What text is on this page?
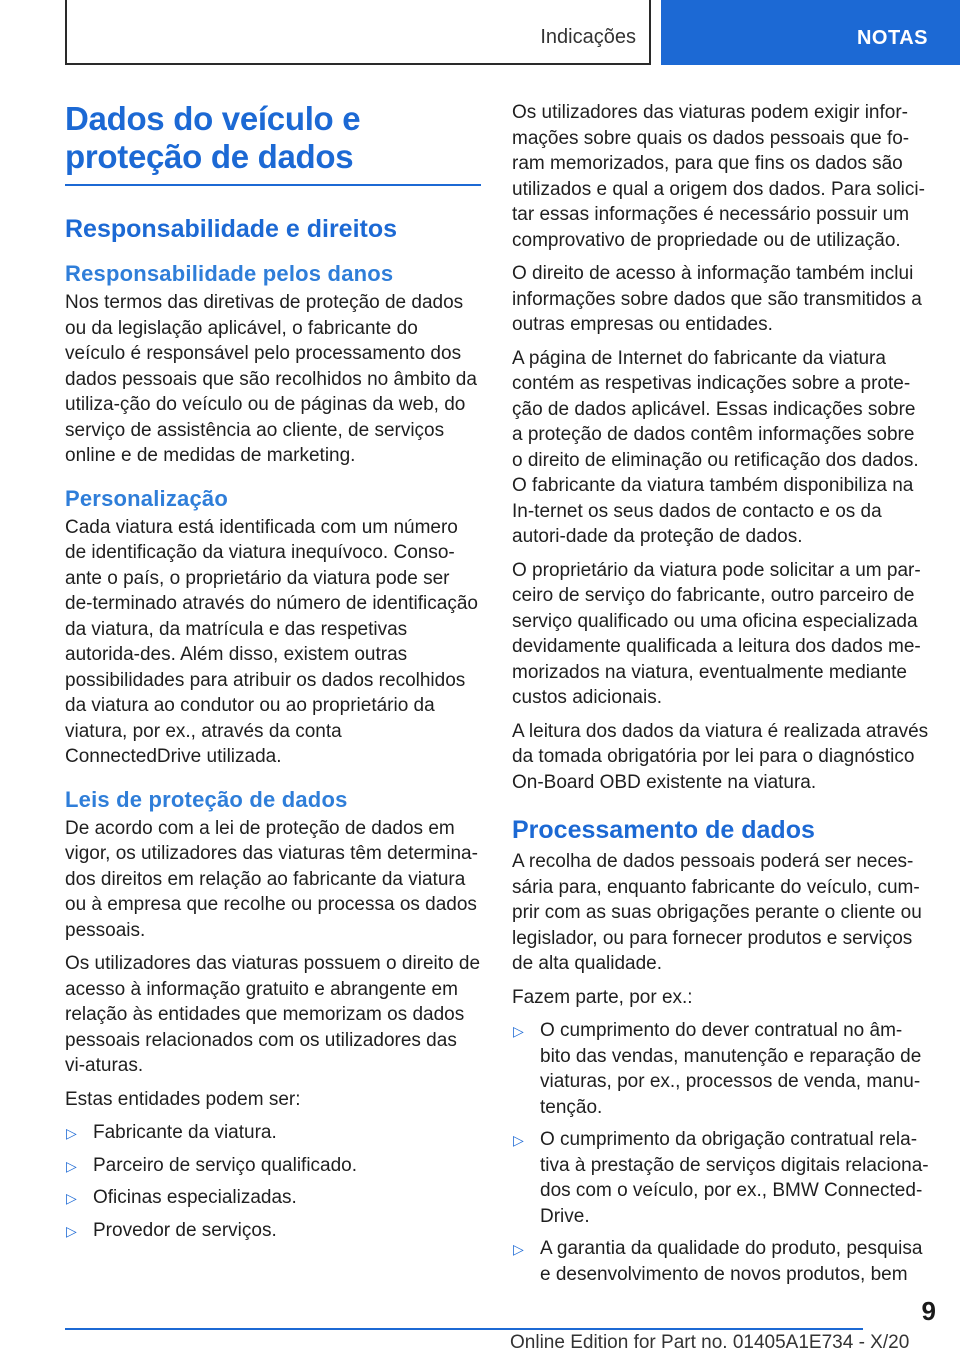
Indicações	NOTAS
Dados do veículo e proteção de dados
Responsabilidade e direitos
Responsabilidade pelos danos

Nos termos das diretivas de proteção de dados ou da legislação aplicável, o fabricante do veículo é responsável pelo processamento dos dados pessoais que são recolhidos no âmbito da utiliza-ção do veículo ou de páginas da web, do serviço de assistência ao cliente, de serviços online e de medidas de marketing.

Personalização

Cada viatura está identificada com um número de identificação da viatura inequívoco. Conso-ante o país, o proprietário da viatura pode ser de-terminado através do número de identificação da viatura, da matrícula e das respetivas autorida-des. Além disso, existem outras possibilidades para atribuir os dados recolhidos da viatura ao condutor ou ao proprietário da viatura, por ex., através da conta ConnectedDrive utilizada.

Leis de proteção de dados

De acordo com a lei de proteção de dados em vigor, os utilizadores das viaturas têm determina-dos direitos em relação ao fabricante da viatura ou à empresa que recolhe ou processa os dados pessoais.

Os utilizadores das viaturas possuem o direito de acesso à informação gratuito e abrangente em relação às entidades que memorizam os dados pessoais relacionados com os utilizadores das vi-aturas.

Estas entidades podem ser:

▷ Fabricante da viatura.
▷ Parceiro de serviço qualificado.
▷ Oficinas especializadas.
▷ Provedor de serviços.

Os utilizadores das viaturas podem exigir infor-mações sobre quais os dados pessoais que fo-ram memorizados, para que fins os dados são utilizados e qual a origem dos dados. Para solici-tar essas informações é necessário possuir um comprovativo de propriedade ou de utilização.

O direito de acesso à informação também inclui informações sobre dados que são transmitidos a outras empresas ou entidades.

A página de Internet do fabricante da viatura contém as respetivas indicações sobre a prote-ção de dados aplicável. Essas indicações sobre a proteção de dados contêm informações sobre o direito de eliminação ou retificação dos dados. O fabricante da viatura também disponibiliza na In-ternet os seus dados de contacto e os da autori-dade da proteção de dados.

O proprietário da viatura pode solicitar a um par-ceiro de serviço do fabricante, outro parceiro de serviço qualificado ou uma oficina especializada devidamente qualificada a leitura dos dados me-morizados na viatura, eventualmente mediante custos adicionais.

A leitura dos dados da viatura é realizada através da tomada obrigatória por lei para o diagnóstico On-Board OBD existente na viatura.

Processamento de dados

A recolha de dados pessoais poderá ser neces-sária para, enquanto fabricante do veículo, cum-prir com as suas obrigações perante o cliente ou legislador, ou para fornecer produtos e serviços de alta qualidade.

Fazem parte, por ex.:

▷ O cumprimento do dever contratual no âm-bito das vendas, manutenção e reparação de viaturas, por ex., processos de venda, manu-tenção.
▷ O cumprimento da obrigação contratual rela-tiva à prestação de serviços digitais relaciona-dos com o veículo, por ex., BMW Connected-Drive.
▷ A garantia da qualidade do produto, pesquisa e desenvolvimento de novos produtos, bem
9
Online Edition for Part no. 01405A1E734 - X/20
